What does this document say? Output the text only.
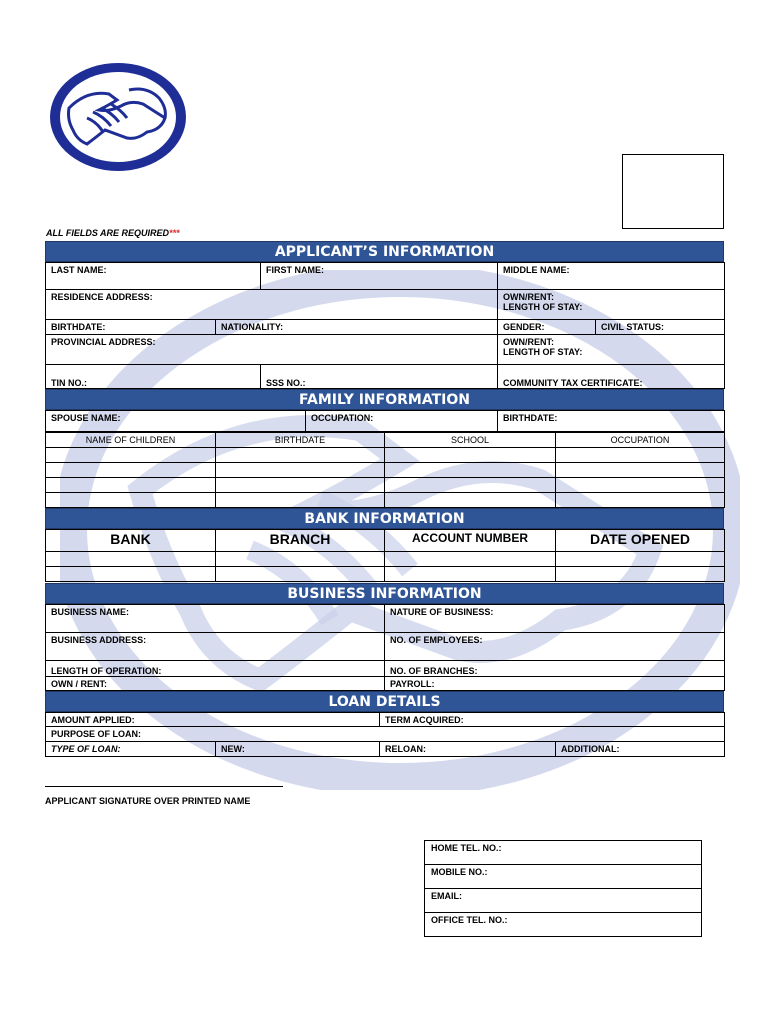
ALL FIELDS ARE REQUIRED***
APPLICANT’S INFORMATION
LAST NAME:		FIRST NAME:	MIDDLE NAME:	
RESIDENCE ADDRESS:			OWN/RENT:
LENGTH OF STAY:	

BIRTHDATE:	NATIONALITY:		GENDER:	CIVIL STATUS:
PROVINCIAL ADDRESS:			OWN/RENT:
LENGTH OF STAY:	

TIN NO.:		SSS NO.:	COMMUNITY TAX CERTIFICATE:	
FAMILY INFORMATION
SPOUSE NAME:	OCCUPATION:	BIRTHDATE:
NAME OF CHILDREN	BIRTHDATE	SCHOOL	OCCUPATION

BANK INFORMATION
BANK	BRANCH	ACCOUNT NUMBER	DATE OPENED

BUSINESS INFORMATION
BUSINESS NAME:	NATURE OF BUSINESS:
BUSINESS ADDRESS:	NO. OF EMPLOYEES:
LENGTH OF OPERATION:	NO. OF BRANCHES:
OWN / RENT:	PAYROLL:
LOAN DETAILS
AMOUNT APPLIED:		TERM ACQUIRED:	
PURPOSE OF LOAN:			
TYPE OF LOAN:	NEW:	RELOAN:	ADDITIONAL:
APPLICANT SIGNATURE OVER PRINTED NAME
HOME TEL. NO.:
MOBILE NO.:
EMAIL:
OFFICE TEL. NO.:
